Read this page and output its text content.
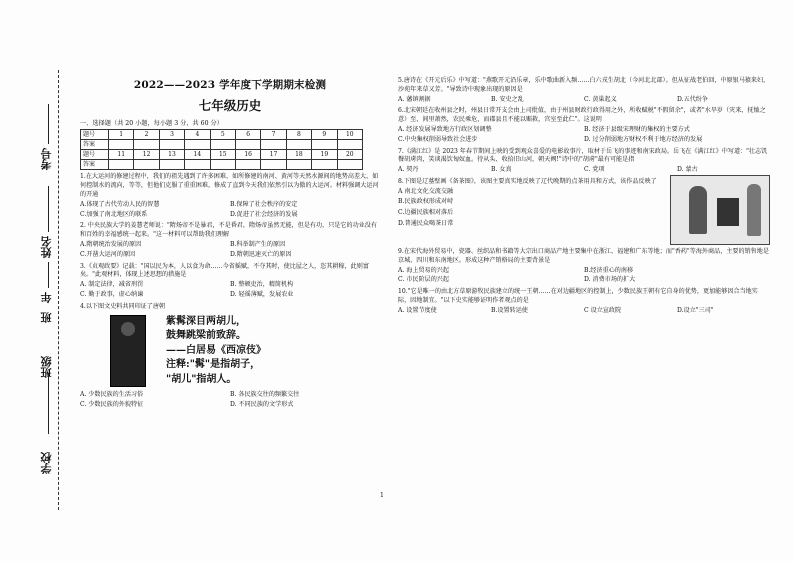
考号
姓名
年
班
班级
学校
2022——2023 学年度下学期期末检测
七年级历史
一、选择题（共 20 小题，每小题 3 分，共 60 分）
题号	1	2	3	4	5	6	7	8	9	10
答案										
题号	11	12	13	14	15	16	17	18	19	20
答案										
1.在大运河的修建过程中，我们的祖先遇到了许多困难，如所修建的南河、黄河等天然水源间的地势高差大，如何控制水的流向，等等，但他们克服了重重困难，修成了直到今天我们依然引以为傲的大运河。材料强调大运河的开通
A.体现了古代劳动人民的智慧	B.保障了社会秩序的安定
C.加强了南北地区的联系	D.促进了社会经济的发展
2. 中央民族大学的姜慧老师说："隋炀帝不是暴君，不是昏君，隋炀帝虽然无能，但是有功，只是它的功业没有和百姓的幸福感统一起来。"这一材料可以帮助我们理解
A.隋朝统治发展的原因	B.科举制产生的原因
C.开凿大运河的原因	D.隋朝迅速灭亡的原因
3.《贞观政要》记载："国以民为本，人以食为命……今省摇赋，不夺其时，使比屋之人，恣其耕稼，此则富矣。"此观材料，体现上述思想的措施是
A. 制定法律，减省刑罚	B. 整顿吏治，精简机构
C. 勤于政事，虚心纳谏	D. 轻徭薄赋，发展农业
4.以下图文史料共同印证了唐朝
紫髯深目两胡儿，
鼓舞跳梁前致辞。
——白居易《西凉伎》
注释:"髯"是指胡子，
"胡儿"指胡人。
A. 少数民族的生活习俗	B. 各民族交往的频繁交往
C. 少数民族的外貌特征	D. 不同民族的文学形式
5.唐诗在《开元后乐》中写道："燕歌开元沿乐章，乐中歌曲新入频……白六戎生胡北（今河北北部）。但从征战老伯回，中原银马猿来妇，沙苑年来草又芳。"导致诗中现象出现的原因是
A. 藩镇割据	B. 安史之乱	C. 黄巢起义	D.五代纷争
6.北宋朝廷在收州县之时，州县日常开支会由上司批值，由于州县财政行政得用之外，所收赋税"不假留余"，或者"水旱岁（灾来、抚恤之意）至，间里萧然，农民乘危，而郡县且不能以赈救，宫室至此仁"。这说明
A. 经济发展导致地方行政区划调整	B. 经济于县级宋理财的集权的主要方式
C.中央集权削弱导致社会进步	D. 过分削弱地方财权不利于地方经济的发展
7.《满江红》是 2023 年春节期间上映的受到观众喜爱的电影故事片，取材于岳飞的事迹和南宋政局。岳飞在《满江红》中写道："壮志饥餐胡虏肉，笑谈渴饮匈奴血。待从头、收拾旧山河，朝天阙!"诗中的"胡虏"最有可能是指
A. 契丹	B. 女真	C. 党项	D. 蒙古
8.下图是辽墓壁画《备茶图》，该图主要真实地反映了辽代晚期的点茶用具和方式，该作品反映了
A 南北文化交流交融
B.民族政权形成对峙
C.边疆民族相对落后
D.普通民众喝茶日常
9.在宋代海外贸易中，瓷器、丝织品和书籍等大宗出口商品产地主要集中在浙江、福建和广东等地；而"香药"等海外商品，主要的销售地是京城、四川和东南地区。形成这种产销格局的主要背景是
A. 海上贸易的兴起	B.经济重心的南移
C. 市民阶层的兴起	D. 消费市场的扩大
10."它是唯一的由北方草原游牧民族建立的统一王朝……在对边疆地区的控制上，少数民族王朝有它自身的优势，更加能够因合当地实际，因地制宜。"以下史实能够证明作者观点的是
A. 设置节度使	B.设置转运使	C 设立宣政院	D.设立"三司"
1
